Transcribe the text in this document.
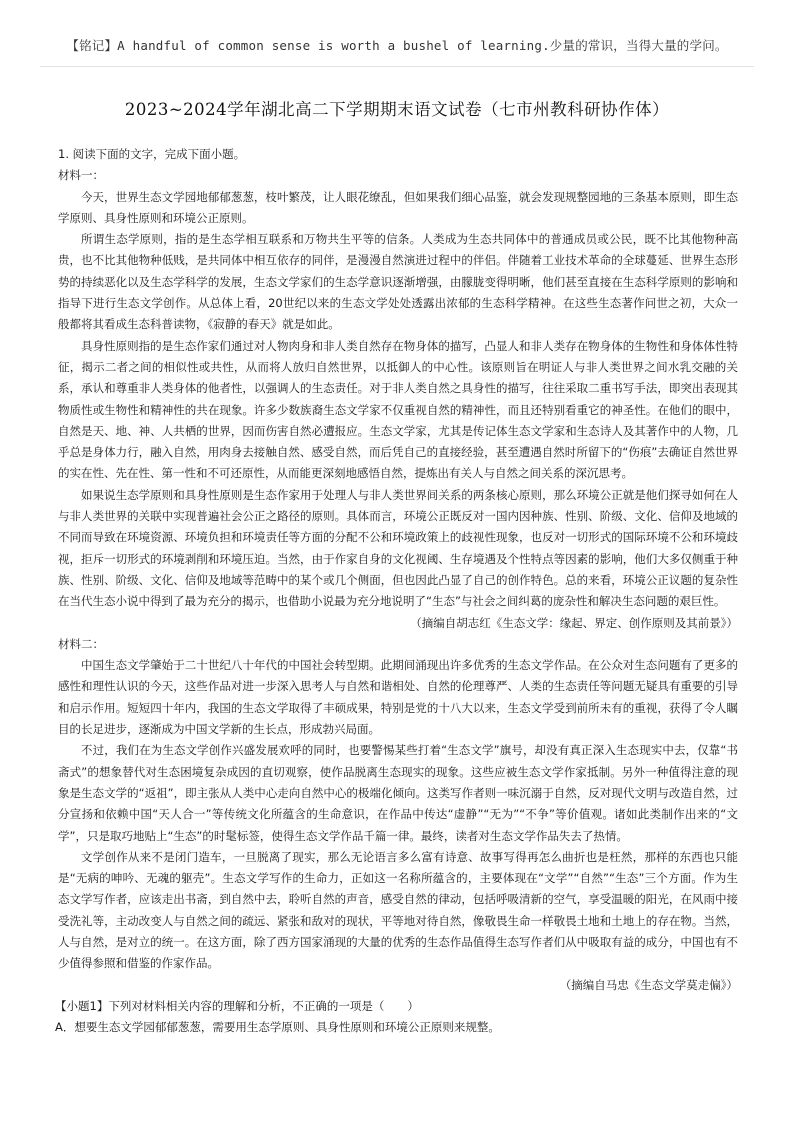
【铭记】A handful of common sense is worth a bushel of learning.少量的常识，当得大量的学问。
2023~2024学年湖北高二下学期期末语文试卷（七市州教科研协作体）

1. 阅读下面的文字，完成下面小题。

材料一：

今天，世界生态文学园地郁郁葱葱，枝叶繁茂，让人眼花缭乱，但如果我们细心品鉴，就会发现规整园地的三条基本原则，即生态学原则、具身性原则和环境公正原则。

所谓生态学原则，指的是生态学相互联系和万物共生平等的信条。人类成为生态共同体中的普通成员或公民，既不比其他物种高贵，也不比其他物种低贱，是共同体中相互依存的同伴，是漫漫自然演进过程中的伴侣。伴随着工业技术革命的全球蔓延、世界生态形势的持续恶化以及生态学科学的发展，生态文学家们的生态学意识逐渐增强，由朦胧变得明晰，他们甚至直接在生态科学原则的影响和指导下进行生态文学创作。从总体上看，20世纪以来的生态文学处处透露出浓郁的生态科学精神。在这些生态著作问世之初，大众一般都将其看成生态科普读物，《寂静的春天》就是如此。

具身性原则指的是生态作家们通过对人物肉身和非人类自然存在物身体的描写，凸显人和非人类存在物身体的生物性和身体体性特征，揭示二者之间的相似性或共性，从而将人放归自然世界，以抵御人的中心性。该原则旨在明证人与非人类世界之间水乳交融的关系，承认和尊重非人类身体的他者性，以强调人的生态责任。对于非人类自然之具身性的描写，往往采取二重书写手法，即突出表现其物质性或生物性和精神性的共在现象。许多少数族裔生态文学家不仅重视自然的精神性，而且还特别看重它的神圣性。在他们的眼中，自然是天、地、神、人共栖的世界，因而伤害自然必遭报应。生态文学家，尤其是传记体生态文学家和生态诗人及其著作中的人物，几乎总是身体力行，融入自然，用肉身去接触自然、感受自然，而后凭自己的直接经验，甚至遭遇自然时所留下的“伤痕”去确证自然世界的实在性、先在性、第一性和不可还原性，从而能更深刻地感悟自然，提炼出有关人与自然之间关系的深沉思考。

如果说生态学原则和具身性原则是生态作家用于处理人与非人类世界间关系的两条核心原则，那么环境公正就是他们探寻如何在人与非人类世界的关联中实现普遍社会公正之路径的原则。具体而言，环境公正既反对一国内因种族、性别、阶级、文化、信仰及地域的不同而导致在环境资源、环境负担和环境责任等方面的分配不公和环境政策上的歧视性现象，也反对一切形式的国际环境不公和环境歧视，拒斥一切形式的环境剥削和环境压迫。当然，由于作家自身的文化视阈、生存境遇及个性特点等因素的影响，他们大多仅侧重于种族、性别、阶级、文化、信仰及地域等范畴中的某个或几个侧面，但也因此凸显了自己的创作特色。总的来看，环境公正议题的复杂性在当代生态小说中得到了最为充分的揭示，也借助小说最为充分地说明了“生态”与社会之间纠葛的庞杂性和解决生态问题的艰巨性。

（摘编自胡志红《生态文学：缘起、界定、创作原则及其前景》）

材料二：

中国生态文学肇始于二十世纪八十年代的中国社会转型期。此期间涌现出许多优秀的生态文学作品。在公众对生态问题有了更多的感性和理性认识的今天，这些作品对进一步深入思考人与自然和谐相处、自然的伦理尊严、人类的生态责任等问题无疑具有重要的引导和启示作用。短短四十年内，我国的生态文学取得了丰硕成果，特别是党的十八大以来，生态文学受到前所未有的重视，获得了令人瞩目的长足进步，逐渐成为中国文学新的生长点，形成勃兴局面。

不过，我们在为生态文学创作兴盛发展欢呼的同时，也要警惕某些打着“生态文学”旗号，却没有真正深入生态现实中去，仅靠“书斋式”的想象替代对生态困境复杂成因的直切观察，使作品脱离生态现实的现象。这些应被生态文学作家抵制。另外一种值得注意的现象是生态文学的“返祖”，即主张从人类中心走向自然中心的极端化倾向。这类写作者则一味沉溺于自然，反对现代文明与改造自然，过分宣扬和依赖中国“天人合一”等传统文化所蕴含的生命意识，在作品中传达“虚静”“无为”“不争”等价值观。诸如此类制作出来的“文学”，只是取巧地贴上“生态”的时髦标签，使得生态文学作品千篇一律。最终，读者对生态文学作品失去了热情。

文学创作从来不是闭门造车，一旦脱离了现实，那么无论语言多么富有诗意、故事写得再怎么曲折也是枉然，那样的东西也只能是“无病的呻吟、无魂的躯壳”。生态文学写作的生命力，正如这一名称所蕴含的，主要体现在“文学”“自然”“生态”三个方面。作为生态文学写作者，应该走出书斋，到自然中去，聆听自然的声音，感受自然的律动，包括呼吸清新的空气，享受温暖的阳光，在风雨中接受洗礼等，主动改变人与自然之间的疏远、紧张和敌对的现状，平等地对待自然，像敬畏生命一样敬畏土地和土地上的存在物。当然，人与自然，是对立的统一。在这方面，除了西方国家涌现的大量的优秀的生态作品值得生态写作者们从中吸取有益的成分，中国也有不少值得参照和借鉴的作家作品。

（摘编自马忠《生态文学莫走偏》）

【小题1】下列对材料相关内容的理解和分析，不正确的一项是（　　）

A．想要生态文学园郁郁葱葱，需要用生态学原则、具身性原则和环境公正原则来规整。
